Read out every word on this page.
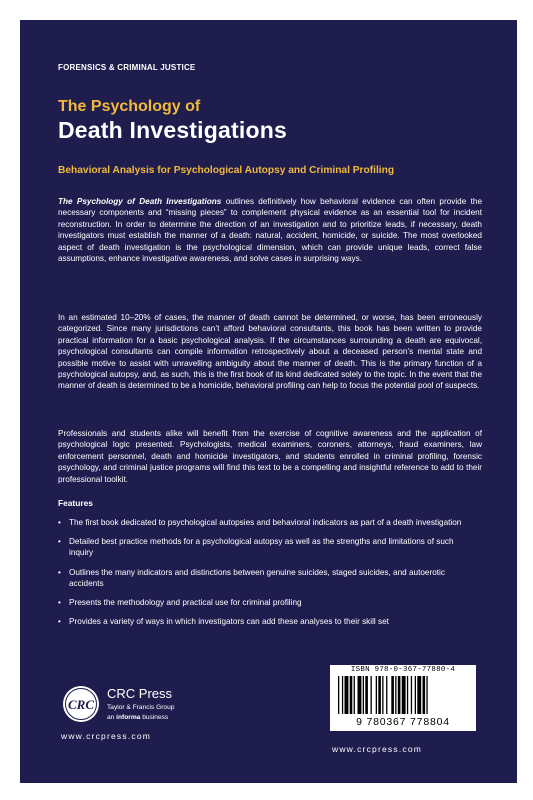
FORENSICS & CRIMINAL JUSTICE
The Psychology of
Death Investigations
Behavioral Analysis for Psychological Autopsy and Criminal Profiling

The Psychology of Death Investigations outlines definitively how behavioral evidence can often provide the necessary components and “missing pieces” to complement physical evidence as an essential tool for incident reconstruction. In order to determine the direction of an investigation and to prioritize leads, if necessary, death investigators must establish the manner of a death: natural, accident, homicide, or suicide. The most overlooked aspect of death investigation is the psychological dimension, which can provide unique leads, correct false assumptions, enhance investigative awareness, and solve cases in surprising ways.

In an estimated 10–20% of cases, the manner of death cannot be determined, or worse, has been erroneously categorized. Since many jurisdictions can’t afford behavioral consultants, this book has been written to provide practical information for a basic psychological analysis. If the circumstances surrounding a death are equivocal, psychological consultants can compile information retrospectively about a deceased person’s mental state and possible motive to assist with unravelling ambiguity about the manner of death. This is the primary function of a psychological autopsy, and, as such, this is the first book of its kind dedicated solely to the topic. In the event that the manner of death is determined to be a homicide, behavioral profiling can help to focus the potential pool of suspects.

Professionals and students alike will benefit from the exercise of cognitive awareness and the application of psychological logic presented. Psychologists, medical examiners, coroners, attorneys, fraud examiners, law enforcement personnel, death and homicide investigators, and students enrolled in criminal profiling, forensic psychology, and criminal justice programs will find this text to be a compelling and insightful reference to add to their professional toolkit.

Features
• The first book dedicated to psychological autopsies and behavioral indicators as part of a death investigation
• Detailed best practice methods for a psychological autopsy as well as the strengths and limitations of such inquiry
• Outlines the many indicators and distinctions between genuine suicides, staged suicides, and autoerotic accidents
• Presents the methodology and practical use for criminal profiling
• Provides a variety of ways in which investigators can add these analyses to their skill set
CRC
CRC Press
Taylor & Francis Group
an informa business
www.crcpress.com
ISBN 978-0-367-77880-4
9 780367 778804
www.crcpress.com
